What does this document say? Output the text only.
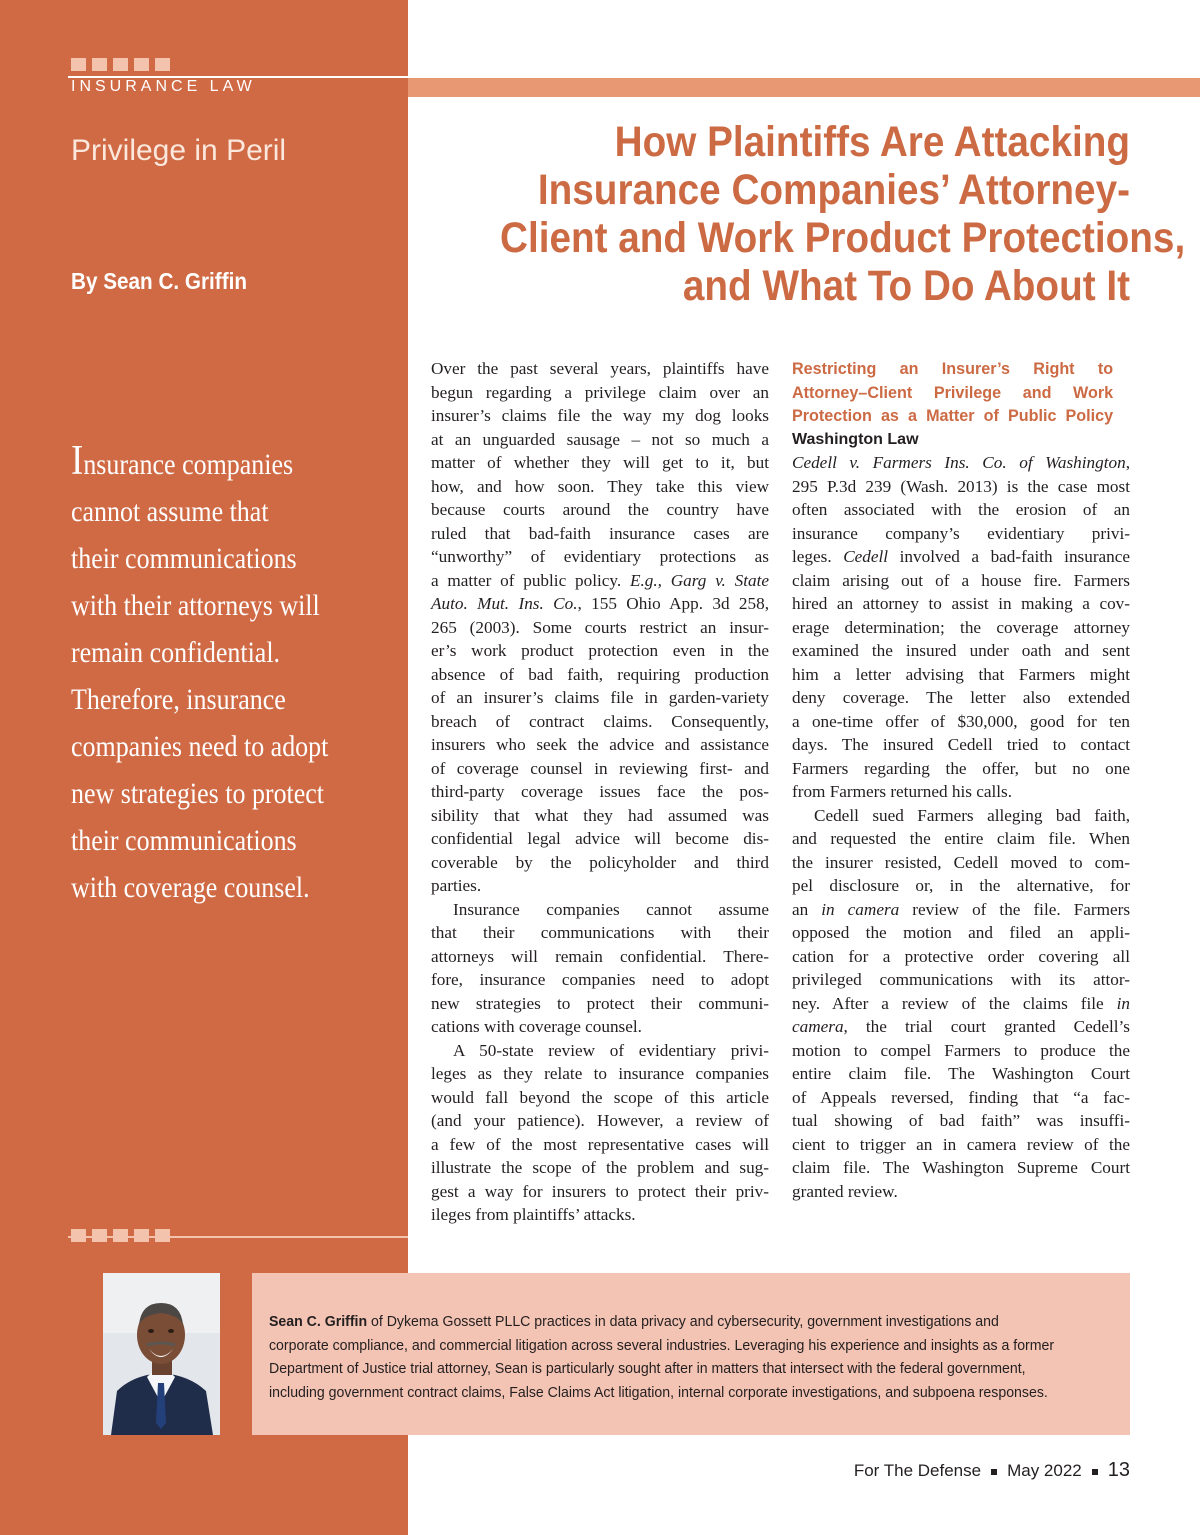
INSURANCE LAW
Privilege in Peril
By Sean C. Griffin
Insurance companies
cannot assume that
their communications
with their attorneys will
remain confidential.
Therefore, insurance
companies need to adopt
new strategies to protect
their communications
with coverage counsel.
How Plaintiffs Are Attacking
Insurance Companies’ Attorney-
Client and Work Product Protections,
and What To Do About It
Over the past several years, plaintiffs have
begun regarding a privilege claim over an
insurer’s claims file the way my dog looks
at an unguarded sausage – not so much a
matter of whether they will get to it, but
how, and how soon. They take this view
because courts around the country have
ruled that bad-faith insurance cases are
“unworthy” of evidentiary protections as
a matter of public policy. E.g., Garg v. State
Auto. Mut. Ins. Co., 155 Ohio App. 3d 258,
265 (2003). Some courts restrict an insur-
er’s work product protection even in the
absence of bad faith, requiring production
of an insurer’s claims file in garden-variety
breach of contract claims. Consequently,
insurers who seek the advice and assistance
of coverage counsel in reviewing first- and
third-party coverage issues face the pos-
sibility that what they had assumed was
confidential legal advice will become dis-
coverable by the policyholder and third
parties.
Insurance companies cannot assume
that their communications with their
attorneys will remain confidential. There-
fore, insurance companies need to adopt
new strategies to protect their communi-
cations with coverage counsel.
A 50-state review of evidentiary privi-
leges as they relate to insurance companies
would fall beyond the scope of this article
(and your patience). However, a review of
a few of the most representative cases will
illustrate the scope of the problem and sug-
gest a way for insurers to protect their priv-
ileges from plaintiffs’ attacks.
Restricting an Insurer’s Right to
Attorney–Client Privilege and Work
Protection as a Matter of Public Policy
Washington Law
Cedell v. Farmers Ins. Co. of Washington,
295 P.3d 239 (Wash. 2013) is the case most
often associated with the erosion of an
insurance company’s evidentiary privi-
leges. Cedell involved a bad-faith insurance
claim arising out of a house fire. Farmers
hired an attorney to assist in making a cov-
erage determination; the coverage attorney
examined the insured under oath and sent
him a letter advising that Farmers might
deny coverage. The letter also extended
a one-time offer of $30,000, good for ten
days. The insured Cedell tried to contact
Farmers regarding the offer, but no one
from Farmers returned his calls.
Cedell sued Farmers alleging bad faith,
and requested the entire claim file. When
the insurer resisted, Cedell moved to com-
pel disclosure or, in the alternative, for
an in camera review of the file. Farmers
opposed the motion and filed an appli-
cation for a protective order covering all
privileged communications with its attor-
ney. After a review of the claims file in
camera, the trial court granted Cedell’s
motion to compel Farmers to produce the
entire claim file. The Washington Court
of Appeals reversed, finding that “a fac-
tual showing of bad faith” was insuffi-
cient to trigger an in camera review of the
claim file. The Washington Supreme Court
granted review.
Sean C. Griffin of Dykema Gossett PLLC practices in data privacy and cybersecurity, government investigations and
corporate compliance, and commercial litigation across several industries. Leveraging his experience and insights as a former
Department of Justice trial attorney, Sean is particularly sought after in matters that intersect with the federal government,
including government contract claims, False Claims Act litigation, internal corporate investigations, and subpoena responses.
For The Defense May 2022 13
